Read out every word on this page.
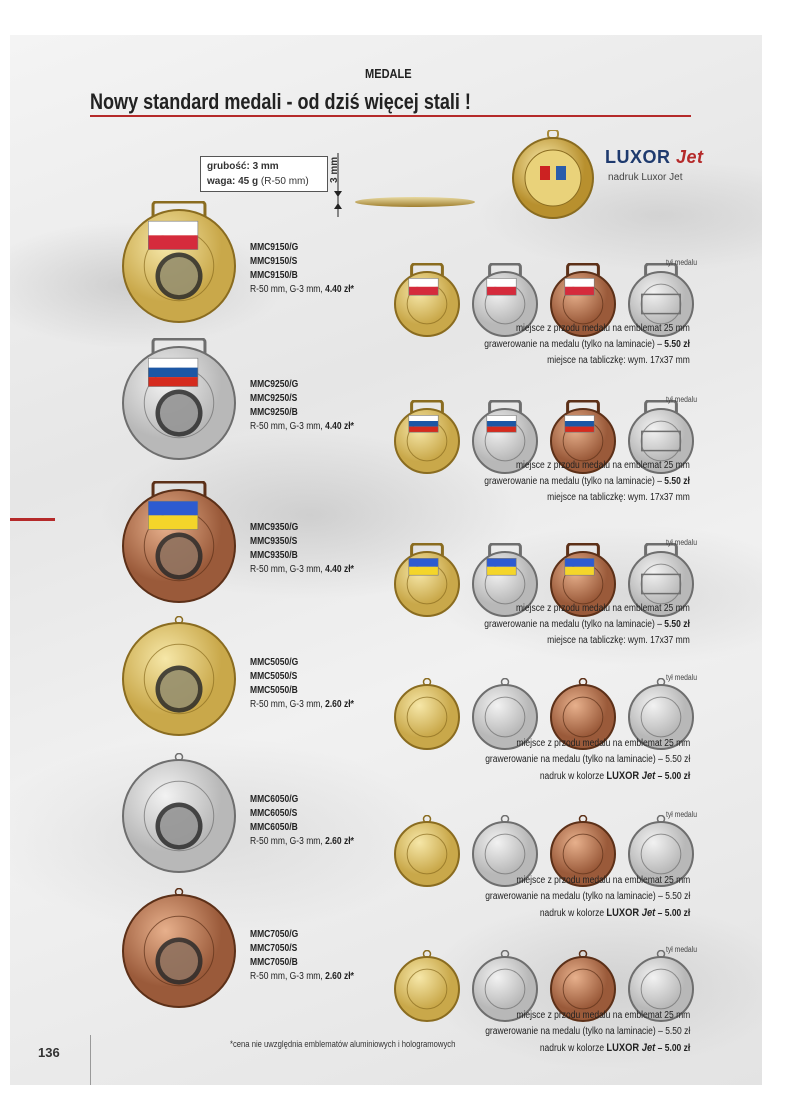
MEDALE
Nowy standard medali - od dziś więcej stali !
grubość: 3 mm
waga: 45 g (R-50 mm)	3 mm	LUXOR Jet
nadruk Luxor Jet
MMC9150/G
MMC9150/S
MMC9150/B
R-50 mm, G-3 mm, 4.40 zł*
tył medalu
miejsce z przodu medalu na emblemat 25 mm
grawerowanie na medalu (tylko na laminacie) – 5.50 zł
miejsce na tabliczkę: wym. 17x37 mm
MMC9250/G
MMC9250/S
MMC9250/B
R-50 mm, G-3 mm, 4.40 zł*
tył medalu
miejsce z przodu medalu na emblemat 25 mm
grawerowanie na medalu (tylko na laminacie) – 5.50 zł
miejsce na tabliczkę: wym. 17x37 mm
MMC9350/G
MMC9350/S
MMC9350/B
R-50 mm, G-3 mm, 4.40 zł*
tył medalu
miejsce z przodu medalu na emblemat 25 mm
grawerowanie na medalu (tylko na laminacie) – 5.50 zł
miejsce na tabliczkę: wym. 17x37 mm
MMC5050/G
MMC5050/S
MMC5050/B
R-50 mm, G-3 mm, 2.60 zł*
tył medalu
miejsce z przodu medalu na emblemat 25 mm
grawerowanie na medalu (tylko na laminacie) – 5.50 zł
nadruk w kolorze LUXOR Jet – 5.00 zł
MMC6050/G
MMC6050/S
MMC6050/B
R-50 mm, G-3 mm, 2.60 zł*
tył medalu
miejsce z przodu medalu na emblemat 25 mm
grawerowanie na medalu (tylko na laminacie) – 5.50 zł
nadruk w kolorze LUXOR Jet – 5.00 zł
MMC7050/G
MMC7050/S
MMC7050/B
R-50 mm, G-3 mm, 2.60 zł*
tył medalu
miejsce z przodu medalu na emblemat 25 mm
grawerowanie na medalu (tylko na laminacie) – 5.50 zł
nadruk w kolorze LUXOR Jet – 5.00 zł
*cena nie uwzględnia emblematów aluminiowych i hologramowych
136
